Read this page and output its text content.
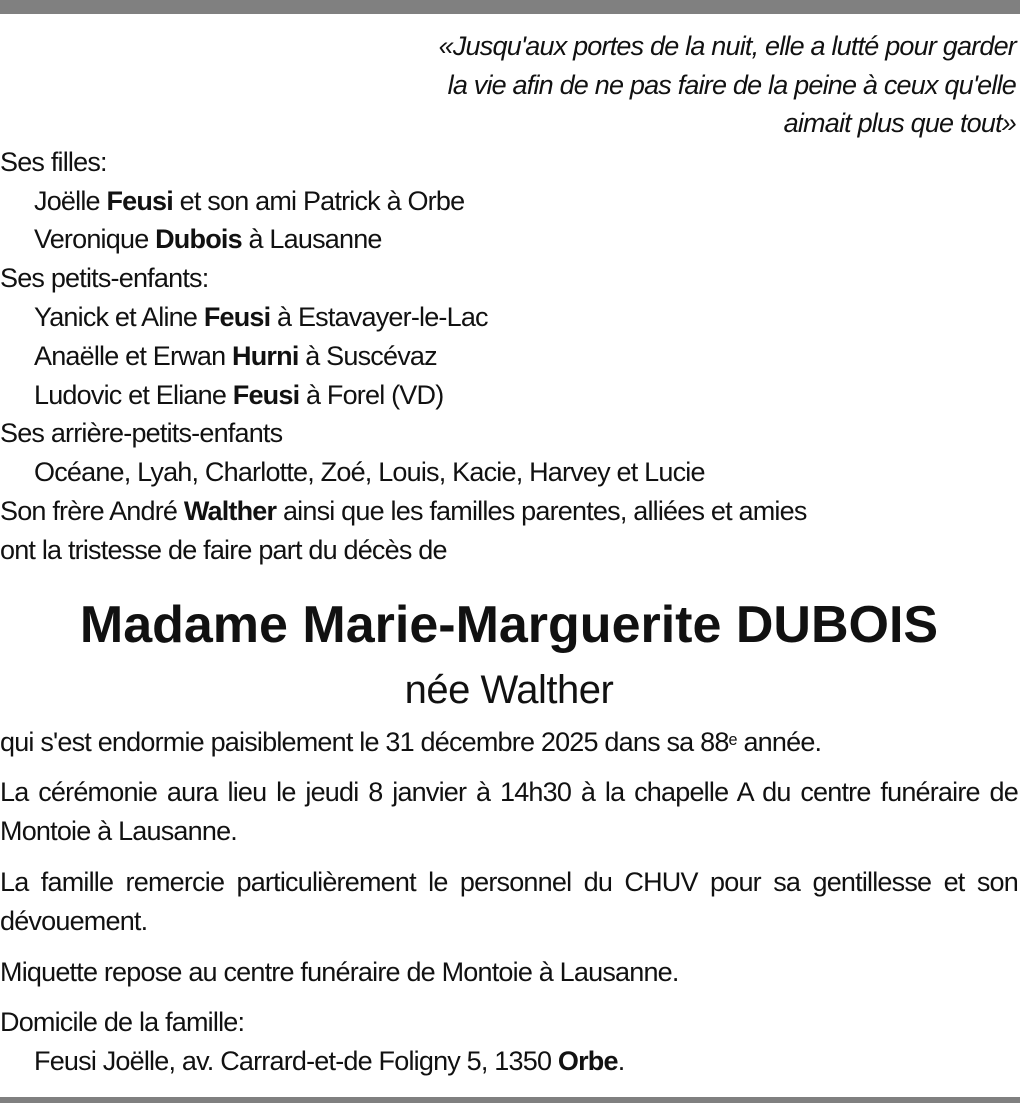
«Jusqu'aux portes de la nuit, elle a lutté pour garder
la vie afin de ne pas faire de la peine à ceux qu'elle
aimait plus que tout»

Ses filles:
Joëlle Feusi et son ami Patrick à Orbe
Veronique Dubois à Lausanne
Ses petits-enfants:
Yanick et Aline Feusi à Estavayer-le-Lac
Anaëlle et Erwan Hurni à Suscévaz
Ludovic et Eliane Feusi à Forel (VD)
Ses arrière-petits-enfants
Océane, Lyah, Charlotte, Zoé, Louis, Kacie, Harvey et Lucie
Son frère André Walther ainsi que les familles parentes, alliées et amies
ont la tristesse de faire part du décès de
Madame Marie-Marguerite DUBOIS
née Walther

qui s'est endormie paisiblement le 31 décembre 2025 dans sa 88e année.

La cérémonie aura lieu le jeudi 8 janvier à 14h30 à la chapelle A du centre funéraire de Montoie à Lausanne.

La famille remercie particulièrement le personnel du CHUV pour sa gentillesse et son dévouement.

Miquette repose au centre funéraire de Montoie à Lausanne.

Domicile de la famille:
Feusi Joëlle, av. Carrard-et-de Foligny 5, 1350 Orbe.
